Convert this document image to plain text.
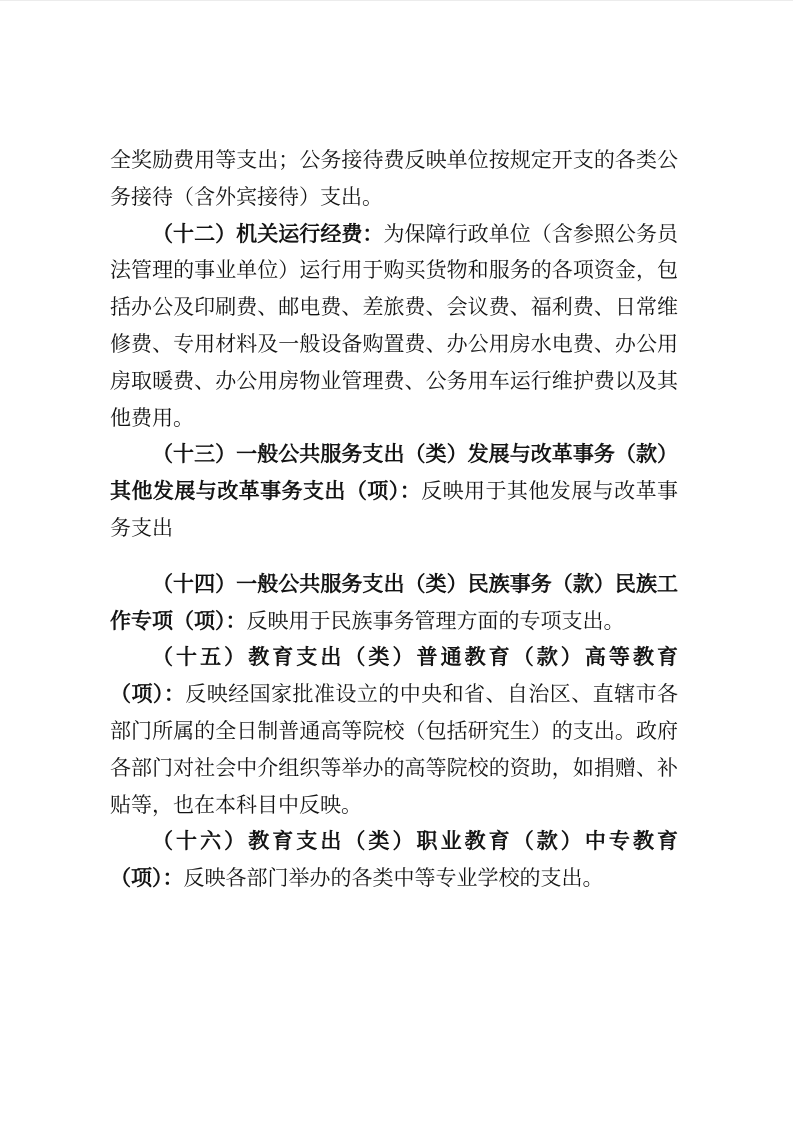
全奖励费用等支出；公务接待费反映单位按规定开支的各类公务接待（含外宾接待）支出。

（十二）机关运行经费：为保障行政单位（含参照公务员法管理的事业单位）运行用于购买货物和服务的各项资金，包括办公及印刷费、邮电费、差旅费、会议费、福利费、日常维修费、专用材料及一般设备购置费、办公用房水电费、办公用房取暖费、办公用房物业管理费、公务用车运行维护费以及其他费用。

（十三）一般公共服务支出（类）发展与改革事务（款）其他发展与改革事务支出（项）：反映用于其他发展与改革事务支出

（十四）一般公共服务支出（类）民族事务（款）民族工作专项（项）：反映用于民族事务管理方面的专项支出。

（十五）教育支出（类）普通教育（款）高等教育（项）：反映经国家批准设立的中央和省、自治区、直辖市各部门所属的全日制普通高等院校（包括研究生）的支出。政府各部门对社会中介组织等举办的高等院校的资助，如捐赠、补贴等，也在本科目中反映。

（十六）教育支出（类）职业教育（款）中专教育（项）：反映各部门举办的各类中等专业学校的支出。
